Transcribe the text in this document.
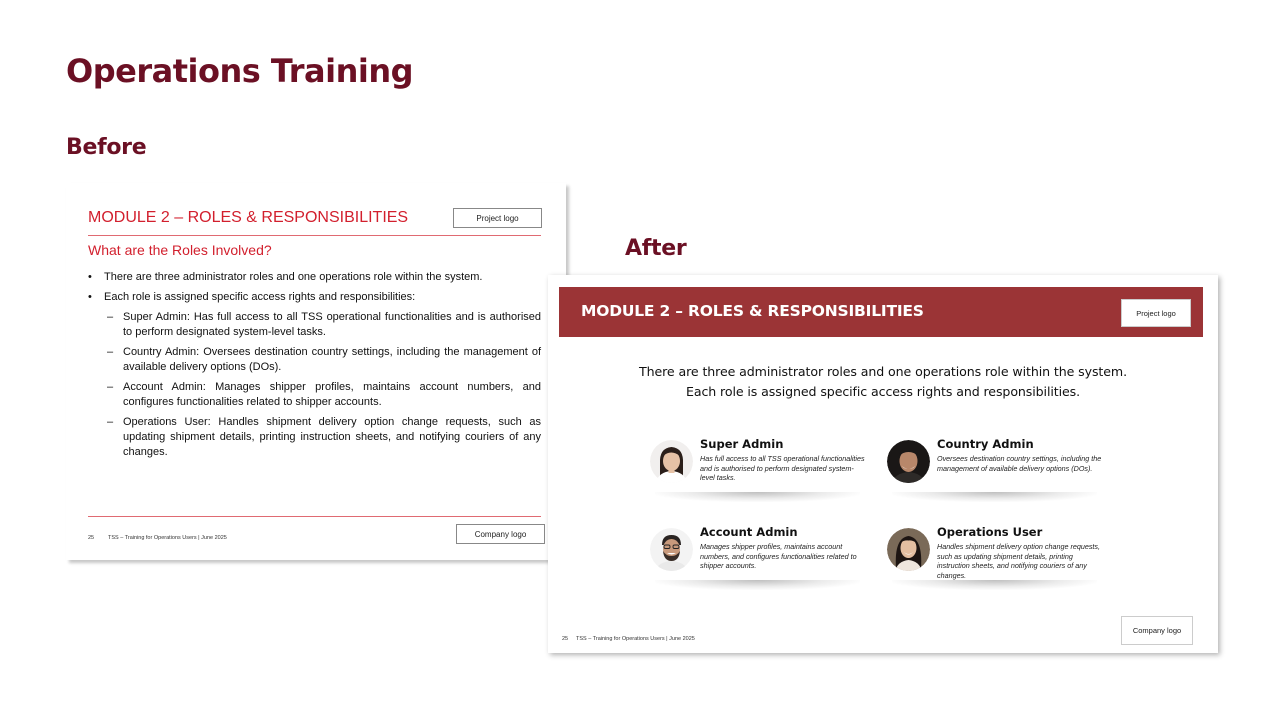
Operations Training
Before
After
MODULE 2 – ROLES & RESPONSIBILITIES	Project logo
What are the Roles Involved?
• There are three administrator roles and one operations role within the system.
• Each role is assigned specific access rights and responsibilities:
– Super Admin: Has full access to all TSS operational functionalities and is authorised to perform designated system-level tasks.
– Country Admin: Oversees destination country settings, including the management of available delivery options (DOs).
– Account Admin: Manages shipper profiles, maintains account numbers, and configures functionalities related to shipper accounts.
– Operations User: Handles shipment delivery option change requests, such as updating shipment details, printing instruction sheets, and notifying couriers of any changes.
25	TSS – Training for Operations Users | June 2025	Company logo
MODULE 2 – ROLES & RESPONSIBILITIES	Project logo
There are three administrator roles and one operations role within the system.
Each role is assigned specific access rights and responsibilities.
Super Admin
Has full access to all TSS operational functionalities and is authorised to perform designated system-level tasks.
Country Admin
Oversees destination country settings, including the management of available delivery options (DOs).
Account Admin
Manages shipper profiles, maintains account numbers, and configures functionalities related to shipper accounts.
Operations User
Handles shipment delivery option change requests, such as updating shipment details, printing instruction sheets, and notifying couriers of any changes.
25 TSS – Training for Operations Users | June 2025
Company logo
